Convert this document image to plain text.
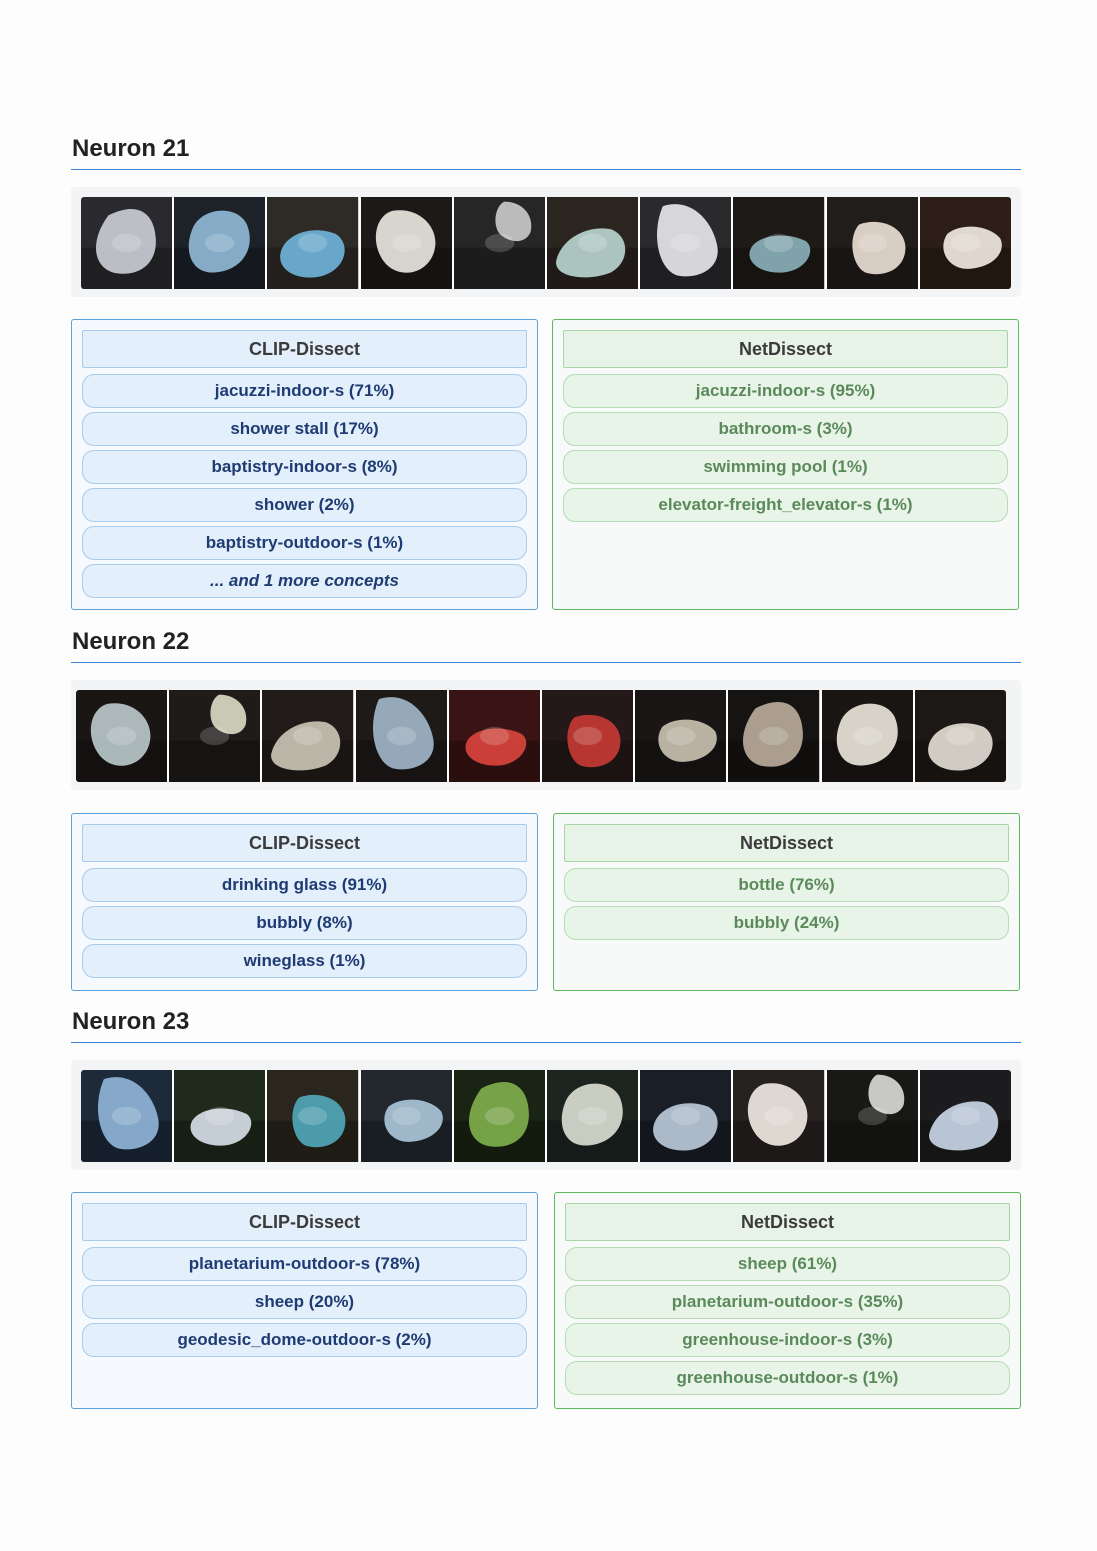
Neuron 21
CLIP-Dissect
jacuzzi-indoor-s (71%)
shower stall (17%)
baptistry-indoor-s (8%)
shower (2%)
baptistry-outdoor-s (1%)
... and 1 more concepts
NetDissect
jacuzzi-indoor-s (95%)
bathroom-s (3%)
swimming pool (1%)
elevator-freight_elevator-s (1%)
Neuron 22
CLIP-Dissect
drinking glass (91%)
bubbly (8%)
wineglass (1%)
NetDissect
bottle (76%)
bubbly (24%)
Neuron 23
CLIP-Dissect
planetarium-outdoor-s (78%)
sheep (20%)
geodesic_dome-outdoor-s (2%)
NetDissect
sheep (61%)
planetarium-outdoor-s (35%)
greenhouse-indoor-s (3%)
greenhouse-outdoor-s (1%)
